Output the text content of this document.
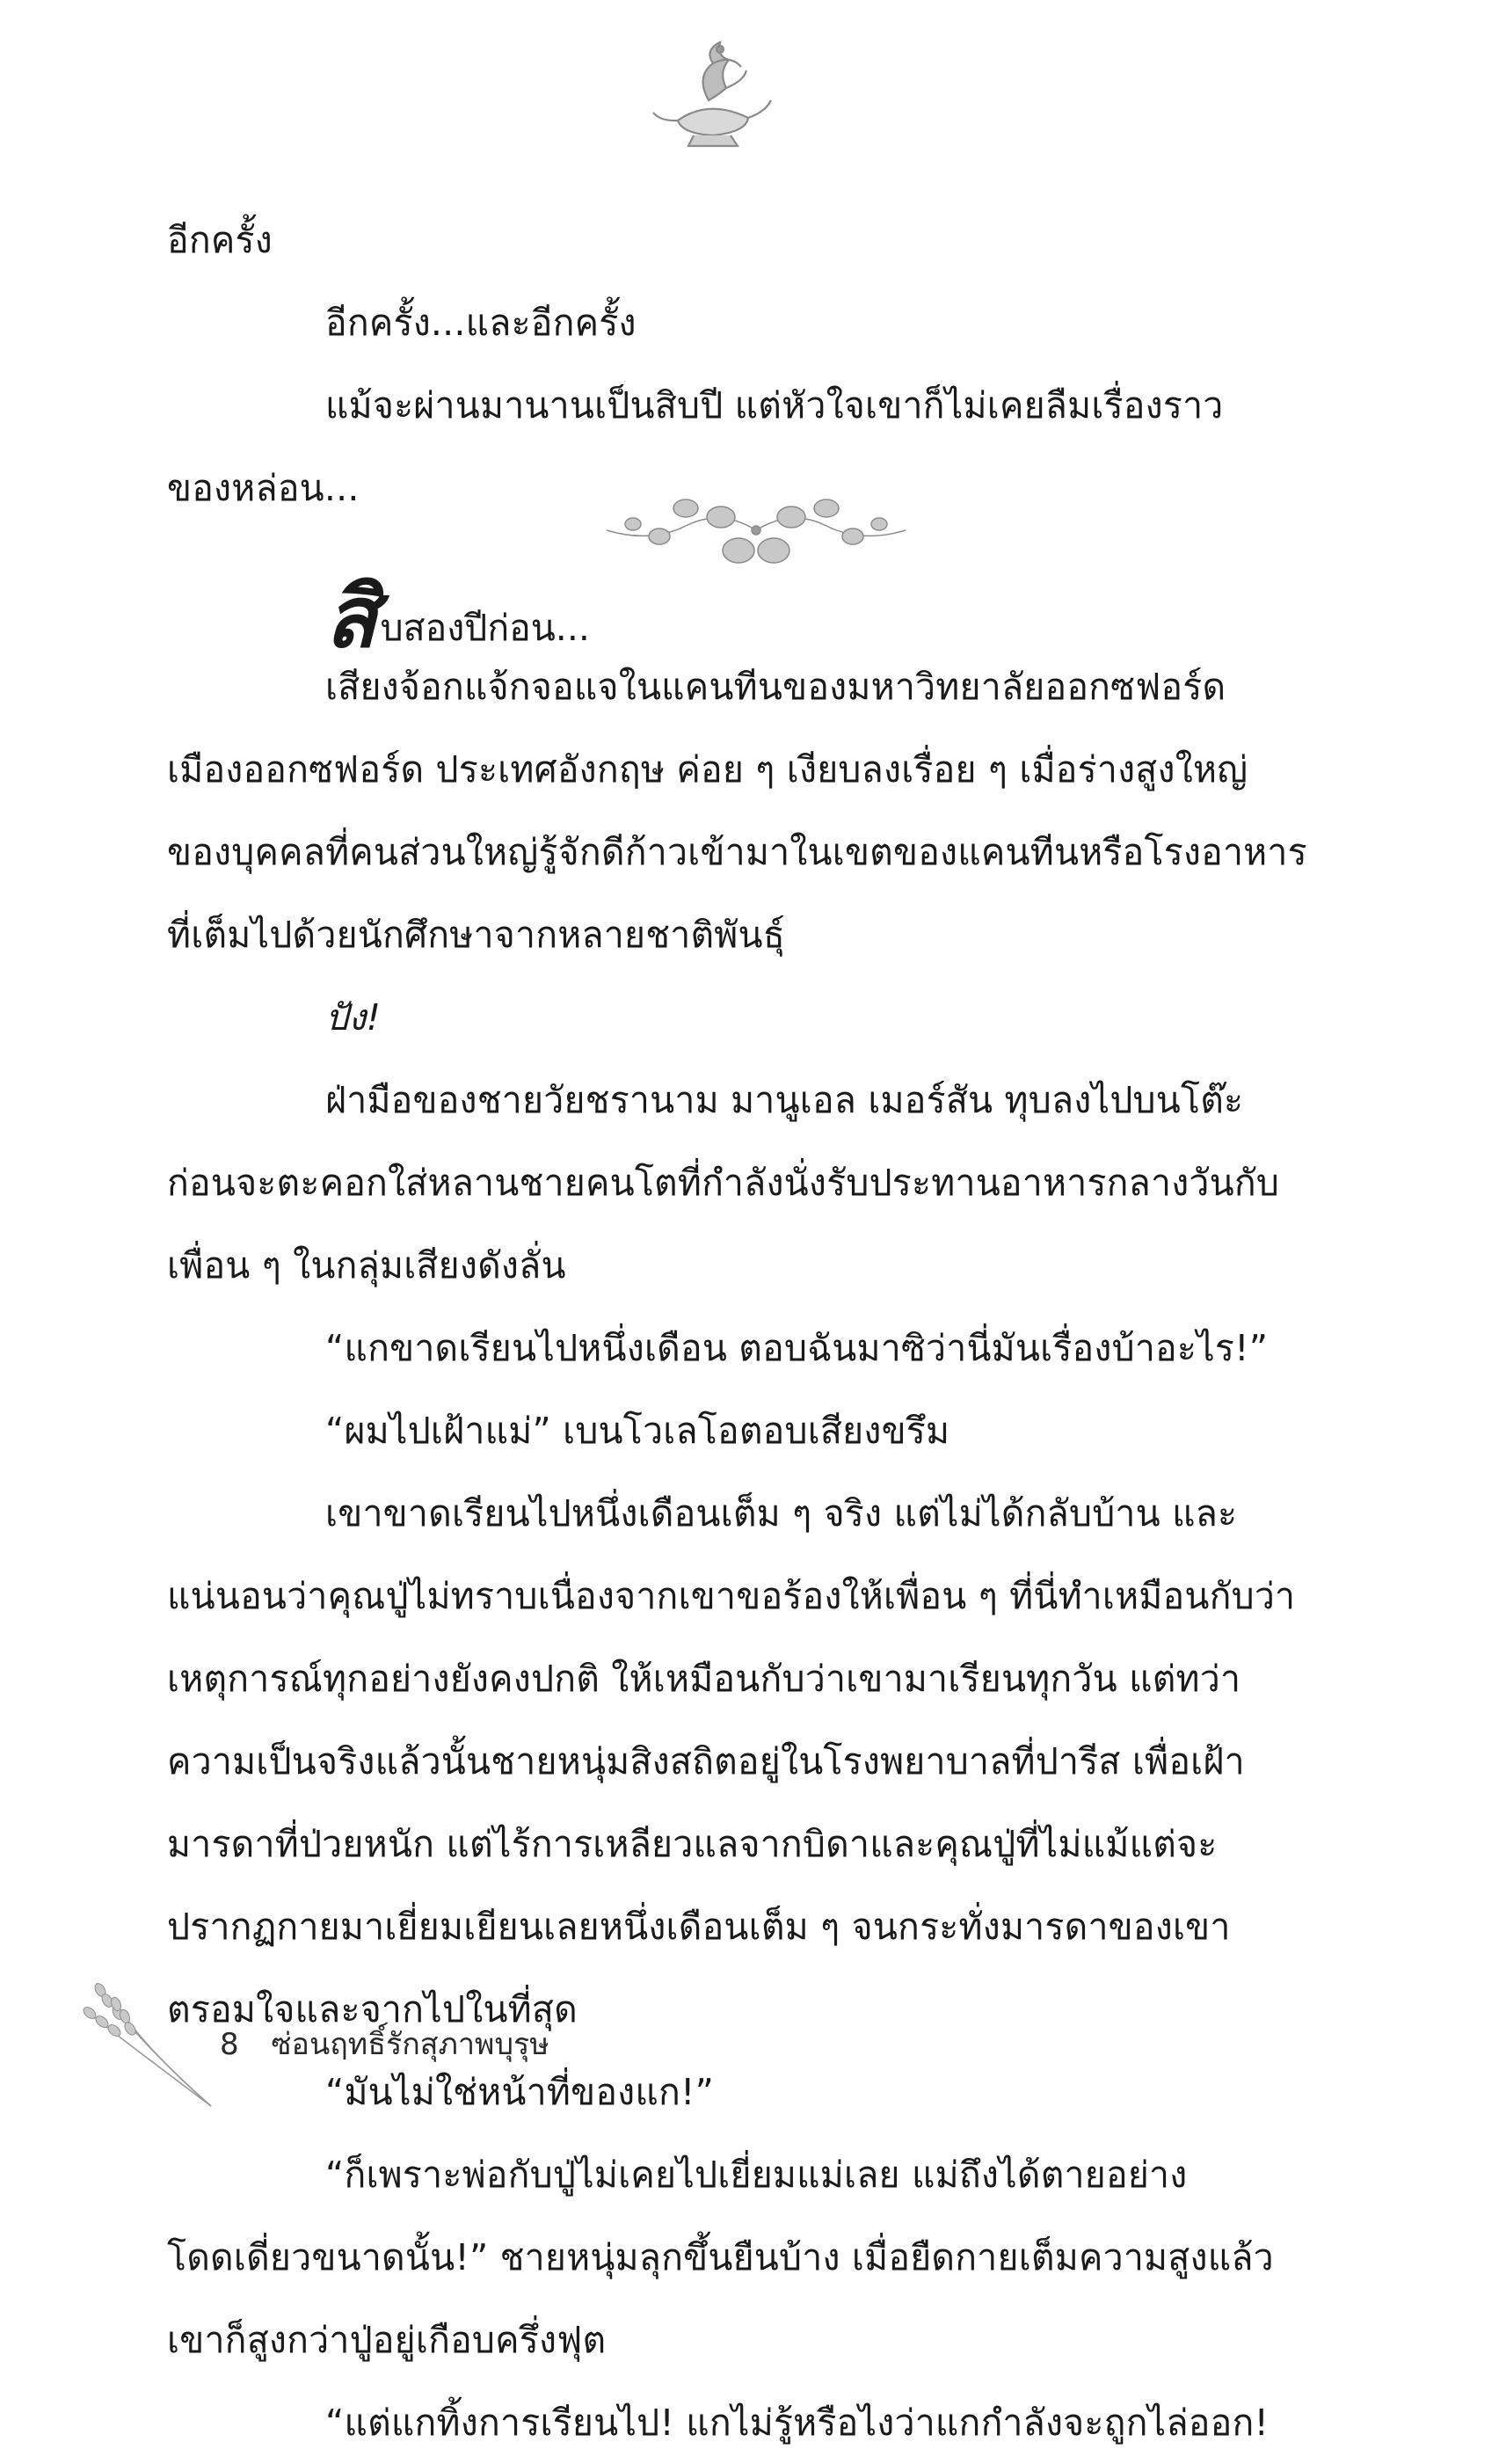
อีกครั้ง
อีกครั้ง...และอีกครั้ง
แม้จะผ่านมานานเป็นสิบปี แต่หัวใจเขาก็ไม่เคยลืมเรื่องราว
ของหล่อน...
สิ บสองปีก่อน...
เสียงจ้อกแจ้กจอแจในแคนทีนของมหาวิทยาลัยออกซฟอร์ด
เมืองออกซฟอร์ด ประเทศอังกฤษ ค่อย ๆ เงียบลงเรื่อย ๆ เมื่อร่างสูงใหญ่
ของบุคคลที่คนส่วนใหญ่รู้จักดีก้าวเข้ามาในเขตของแคนทีนหรือโรงอาหาร
ที่เต็มไปด้วยนักศึกษาจากหลายชาติพันธุ์
ปัง!
ฝ่ามือของชายวัยชรานาม มานูเอล เมอร์สัน ทุบลงไปบนโต๊ะ
ก่อนจะตะคอกใส่หลานชายคนโตที่กำลังนั่งรับประทานอาหารกลางวันกับ
เพื่อน ๆ ในกลุ่มเสียงดังลั่น
“แกขาดเรียนไปหนึ่งเดือน ตอบฉันมาซิว่านี่มันเรื่องบ้าอะไร!”
“ผมไปเฝ้าแม่” เบนโวเลโอตอบเสียงขรึม
เขาขาดเรียนไปหนึ่งเดือนเต็ม ๆ จริง แต่ไม่ได้กลับบ้าน และ
แน่นอนว่าคุณปู่ไม่ทราบเนื่องจากเขาขอร้องให้เพื่อน ๆ ที่นี่ทำเหมือนกับว่า
เหตุการณ์ทุกอย่างยังคงปกติ ให้เหมือนกับว่าเขามาเรียนทุกวัน แต่ทว่า
ความเป็นจริงแล้วนั้นชายหนุ่มสิงสถิตอยู่ในโรงพยาบาลที่ปารีส เพื่อเฝ้า
มารดาที่ป่วยหนัก แต่ไร้การเหลียวแลจากบิดาและคุณปู่ที่ไม่แม้แต่จะ
ปรากฏกายมาเยี่ยมเยียนเลยหนึ่งเดือนเต็ม ๆ จนกระทั่งมารดาของเขา
ตรอมใจและจากไปในที่สุด
“มันไม่ใช่หน้าที่ของแก!”
“ก็เพราะพ่อกับปู่ไม่เคยไปเยี่ยมแม่เลย แม่ถึงได้ตายอย่าง
โดดเดี่ยวขนาดนั้น!” ชายหนุ่มลุกขึ้นยืนบ้าง เมื่อยืดกายเต็มความสูงแล้ว
เขาก็สูงกว่าปู่อยู่เกือบครึ่งฟุต
“แต่แกทิ้งการเรียนไป! แกไม่รู้หรือไงว่าแกกำลังจะถูกไล่ออก!
8 ซ่อนฤทธิ์รักสุภาพบุรุษ
